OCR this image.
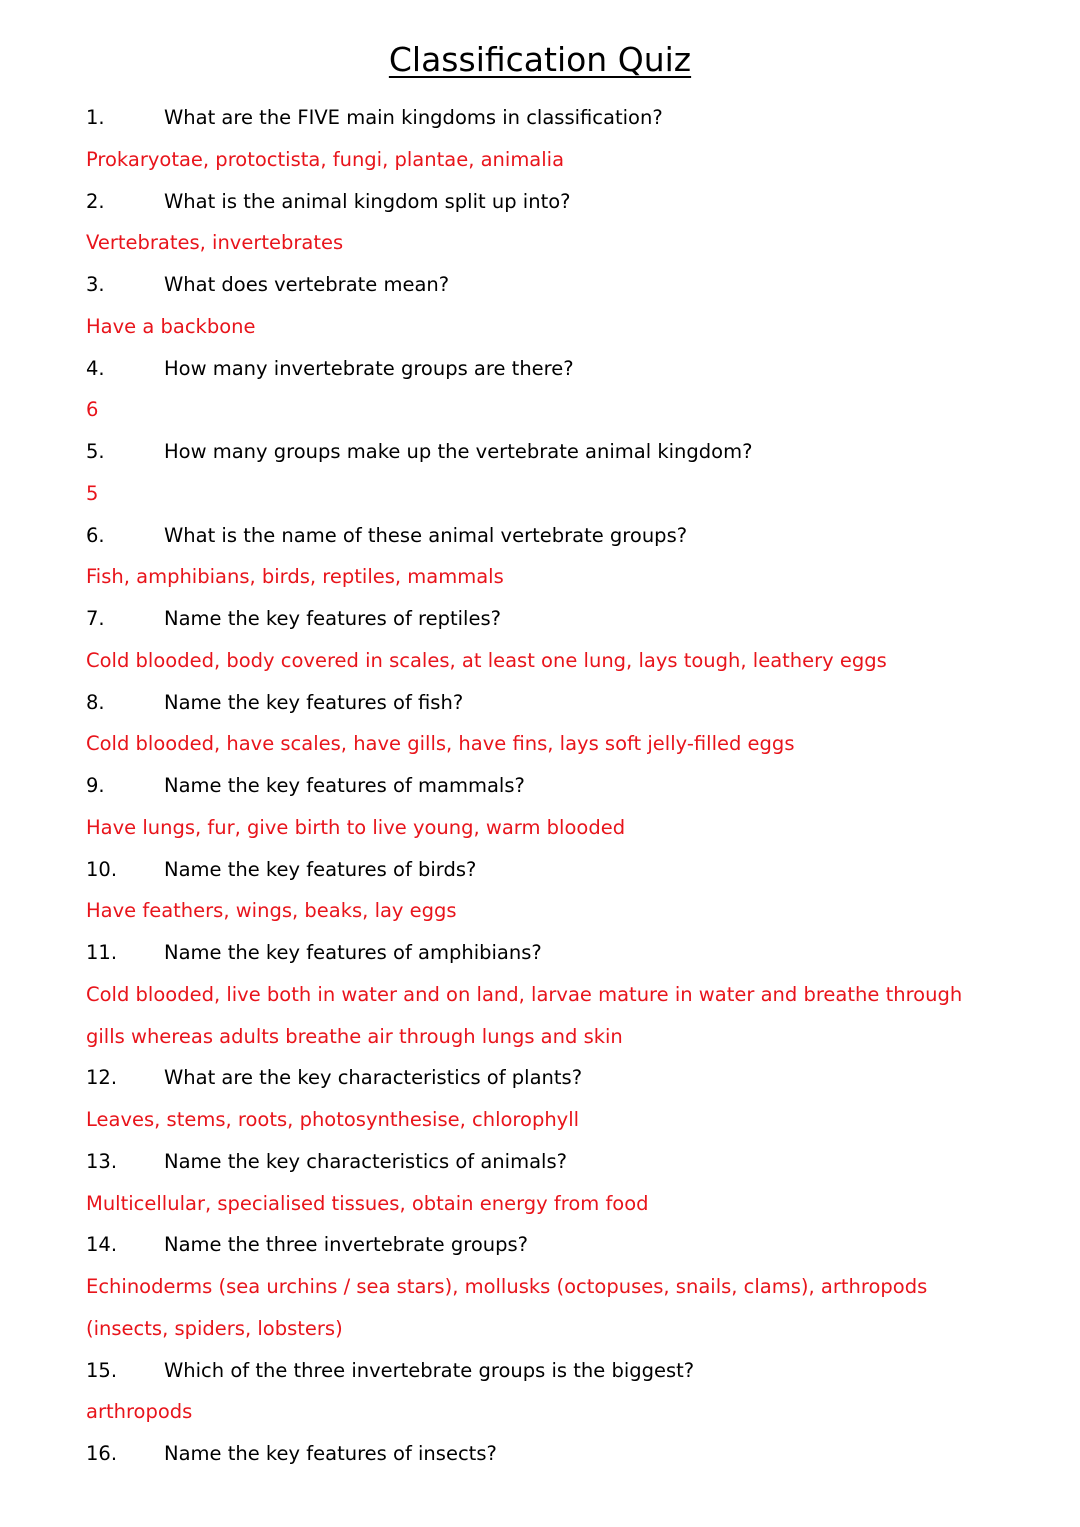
Classification Quiz
1.	What are the FIVE main kingdoms in classification?
Prokaryotae, protoctista, fungi, plantae, animalia
2.	What is the animal kingdom split up into?
Vertebrates, invertebrates
3.	What does vertebrate mean?
Have a backbone
4.	How many invertebrate groups are there?
6
5.	How many groups make up the vertebrate animal kingdom?
5
6.	What is the name of these animal vertebrate groups?
Fish, amphibians, birds, reptiles, mammals
7.	Name the key features of reptiles?
Cold blooded, body covered in scales, at least one lung, lays tough, leathery eggs
8.	Name the key features of fish?
Cold blooded, have scales, have gills, have fins, lays soft jelly-filled eggs
9.	Name the key features of mammals?
Have lungs, fur, give birth to live young, warm blooded
10. Name the key features of birds?
Have feathers, wings, beaks, lay eggs
11. Name the key features of amphibians?
Cold blooded, live both in water and on land, larvae mature in water and breathe through
gills whereas adults breathe air through lungs and skin
12. What are the key characteristics of plants?
Leaves, stems, roots, photosynthesise, chlorophyll
13. Name the key characteristics of animals?
Multicellular, specialised tissues, obtain energy from food
14. Name the three invertebrate groups?
Echinoderms (sea urchins / sea stars), mollusks (octopuses, snails, clams), arthropods
(insects, spiders, lobsters)
15. Which of the three invertebrate groups is the biggest?
arthropods
16. Name the key features of insects?
